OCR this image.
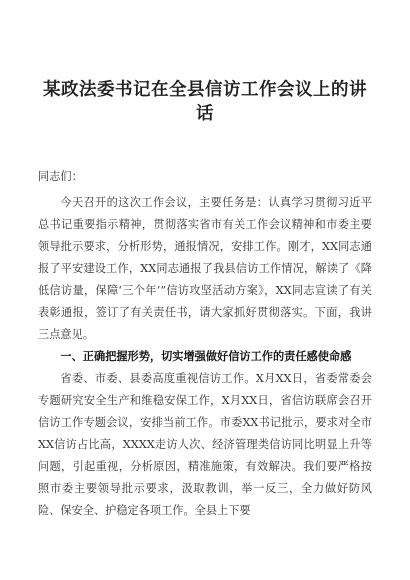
某政法委书记在全县信访工作会议上的讲话

同志们：

今天召开的这次工作会议，主要任务是：认真学习贯彻习近平总书记重要指示精神，贯彻落实省市有关工作会议精神和市委主要领导批示要求，分析形势，通报情况，安排工作。刚才，XX同志通报了平安建设工作，XX同志通报了我县信访工作情况，解读了《降低信访量，保障‘三个年’”信访攻坚活动方案》，XX同志宣读了有关表彰通报，签订了有关责任书，请大家抓好贯彻落实。下面，我讲三点意见。

一、正确把握形势，切实增强做好信访工作的责任感使命感

省委、市委、县委高度重视信访工作。X月XX日，省委常委会专题研究安全生产和维稳安保工作，X月XX日，省信访联席会召开信访工作专题会议，安排当前工作。市委XX书记批示，要求对全市XX信访占比高，XXXX走访人次、经济管理类信访同比明显上升等问题，引起重视，分析原因，精准施策，有效解决。我们要严格按照市委主要领导批示要求，汲取教训，举一反三，全力做好防风险、保安全、护稳定各项工作。全县上下要
